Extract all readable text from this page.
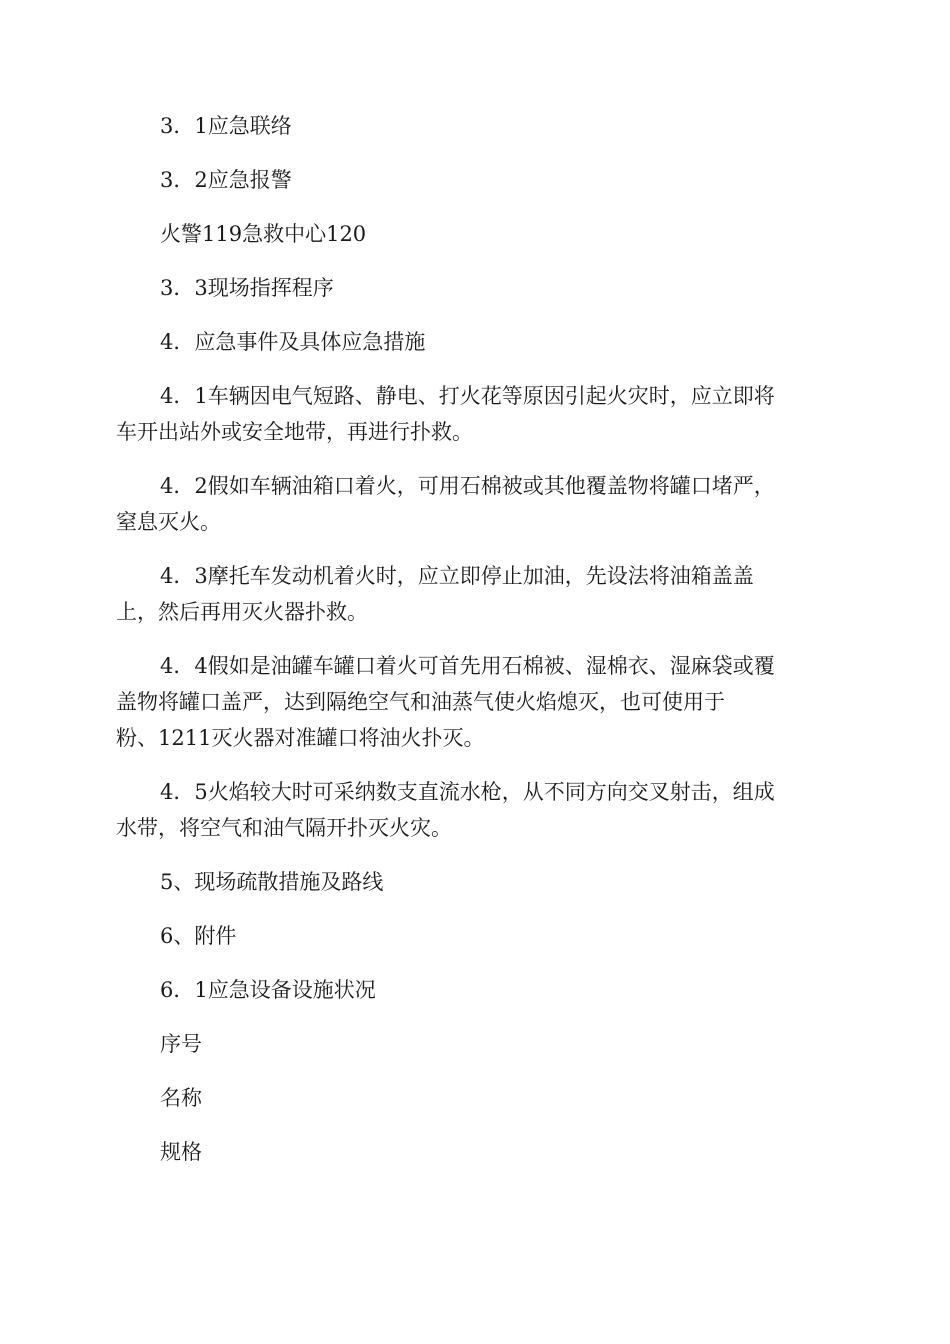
3．1应急联络

3．2应急报警

火警119急救中心120

3．3现场指挥程序

4．应急事件及具体应急措施

4．1车辆因电气短路、静电、打火花等原因引起火灾时，应立即将
车开出站外或安全地带，再进行扑救。

4．2假如车辆油箱口着火，可用石棉被或其他覆盖物将罐口堵严，
窒息灭火。

4．3摩托车发动机着火时，应立即停止加油，先设法将油箱盖盖
上，然后再用灭火器扑救。

4．4假如是油罐车罐口着火可首先用石棉被、湿棉衣、湿麻袋或覆
盖物将罐口盖严，达到隔绝空气和油蒸气使火焰熄灭，也可使用于
粉、1211灭火器对准罐口将油火扑灭。

4．5火焰较大时可采纳数支直流水枪，从不同方向交叉射击，组成
水带，将空气和油气隔开扑灭火灾。

5、现场疏散措施及路线

6、附件

6．1应急设备设施状况

序号

名称

规格
